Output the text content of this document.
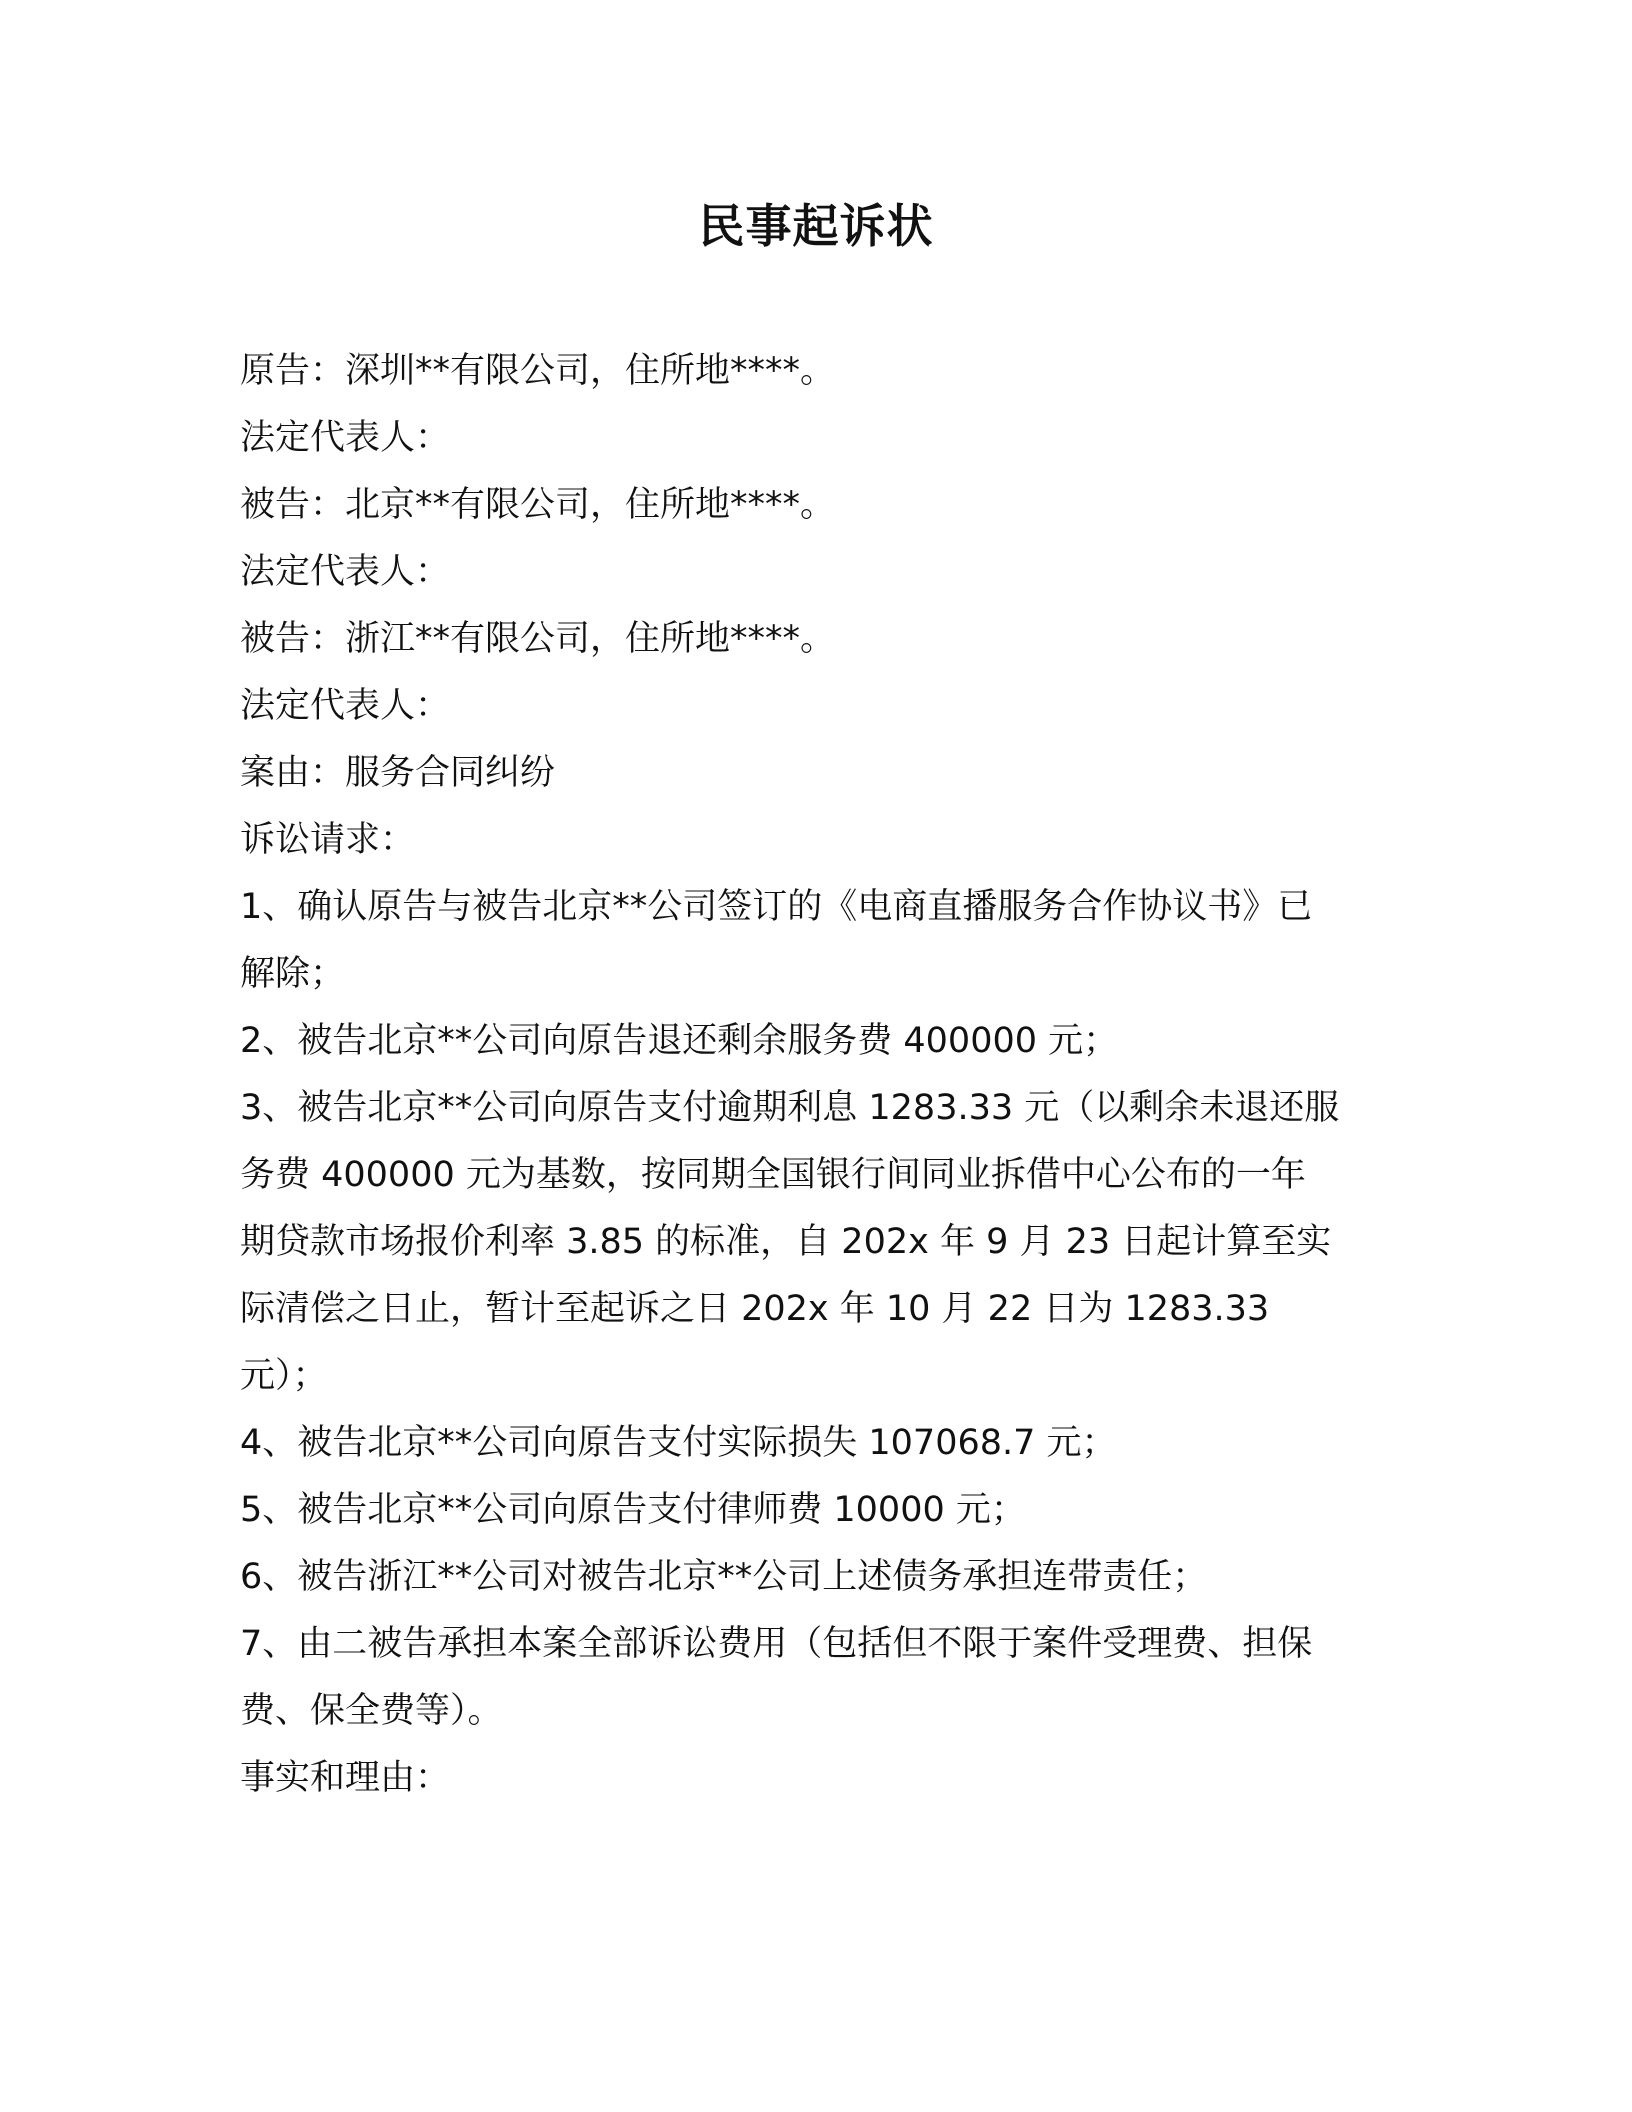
民事起诉状
原告：深圳**有限公司，住所地****。
法定代表人：
被告：北京**有限公司，住所地****。
法定代表人：
被告：浙江**有限公司，住所地****。
法定代表人：
案由：服务合同纠纷
诉讼请求：
1、确认原告与被告北京**公司签订的《电商直播服务合作协议书》已
解除；
2、被告北京**公司向原告退还剩余服务费 400000 元；
3、被告北京**公司向原告支付逾期利息 1283.33 元（以剩余未退还服
务费 400000 元为基数，按同期全国银行间同业拆借中心公布的一年
期贷款市场报价利率 3.85 的标准，自 202x 年 9 月 23 日起计算至实
际清偿之日止，暂计至起诉之日 202x 年 10 月 22 日为 1283.33
元）；
4、被告北京**公司向原告支付实际损失 107068.7 元；
5、被告北京**公司向原告支付律师费 10000 元；
6、被告浙江**公司对被告北京**公司上述债务承担连带责任；
7、由二被告承担本案全部诉讼费用（包括但不限于案件受理费、担保
费、保全费等）。
事实和理由：
